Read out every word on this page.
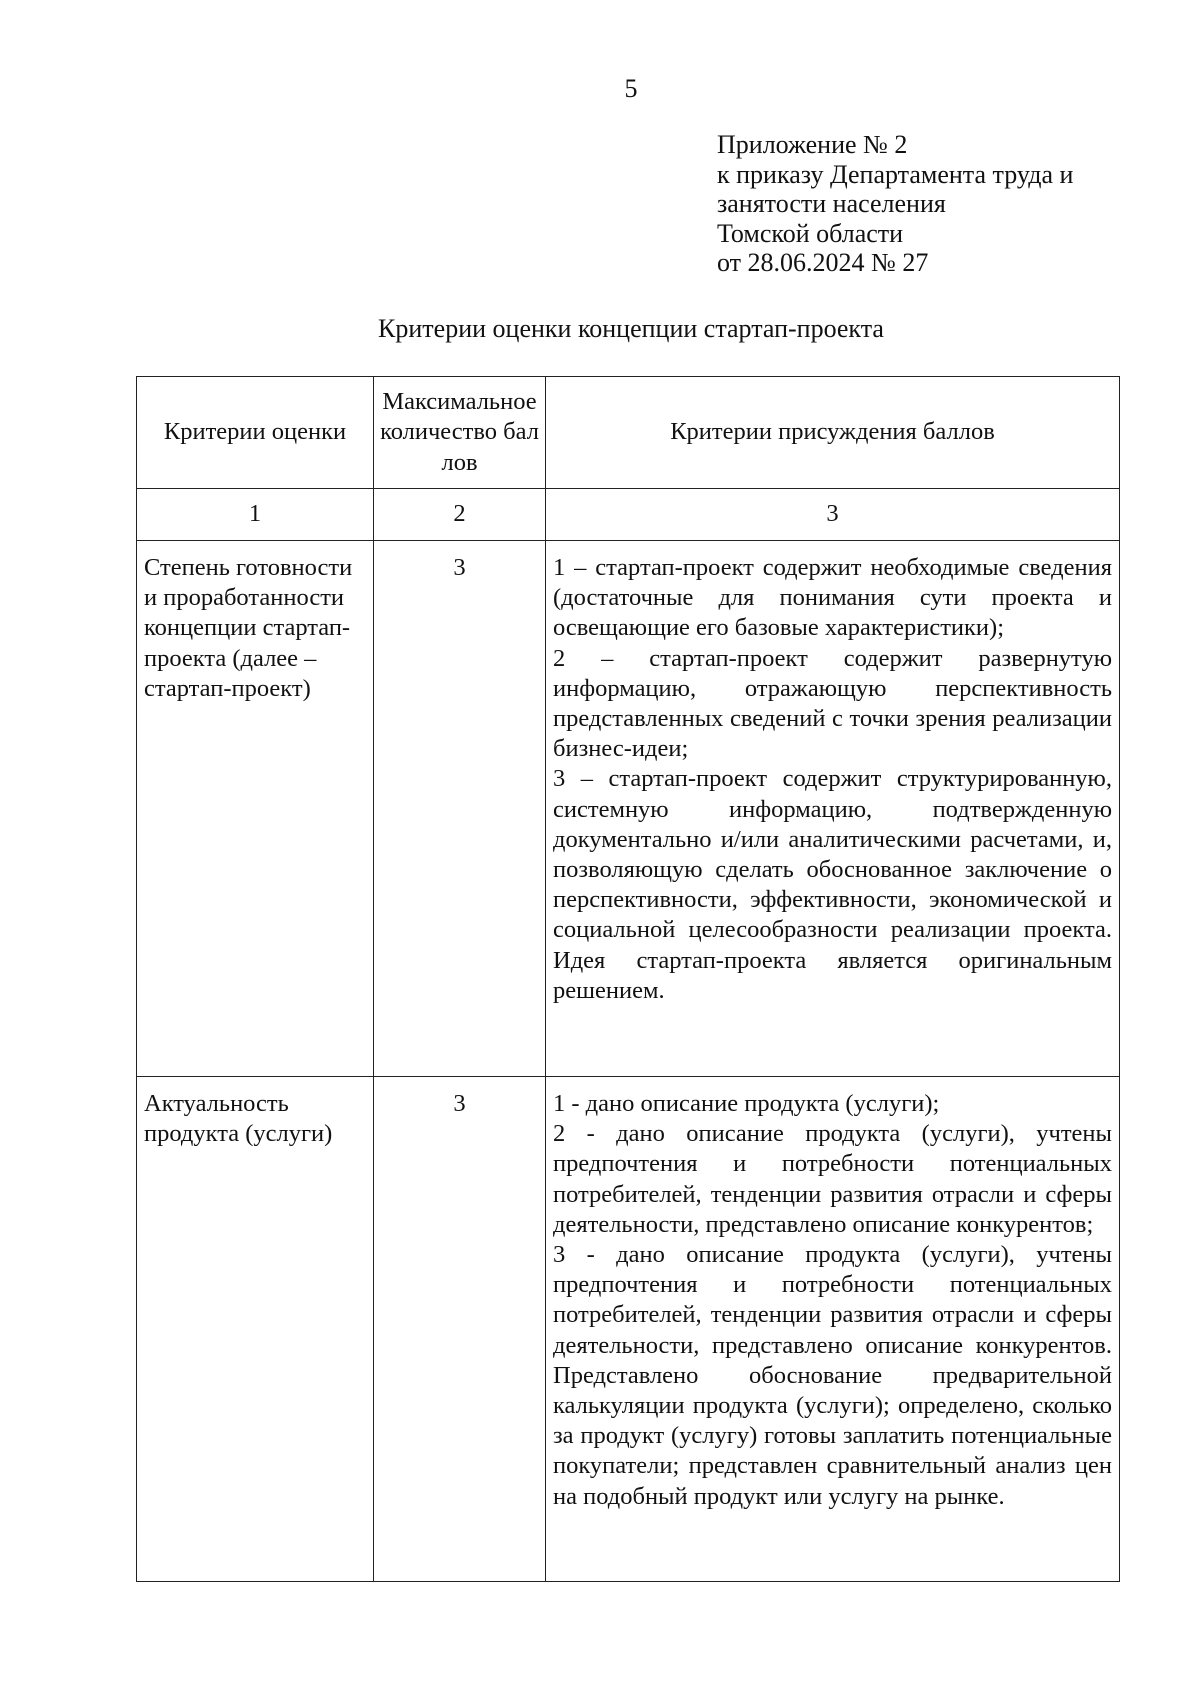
5
Приложение № 2
к приказу Департамента труда и
занятости населения
Томской области
от 28.06.2024 № 27
Критерии оценки концепции стартап-проекта
Критерии оценки	Максимальное количество баллов	Критерии присуждения баллов

1	2	3

Степень готовности и проработанности концепции стартап-проекта (далее – стартап-проект)	3	1 – стартап-проект содержит необходимые сведения (достаточные для понимания сути проекта и освещающие его базовые характеристики);

2 – стартап-проект содержит развернутую информацию, отражающую перспективность представленных сведений с точки зрения реализации бизнес-идеи;

3 – стартап-проект содержит структурированную, системную информацию, подтвержденную документально и/или аналитическими расчетами, и, позволяющую сделать обоснованное заключение о перспективности, эффективности, экономической и социальной целесообразности реализации проекта. Идея стартап-проекта является оригинальным решением.

Актуальность продукта (услуги)	3	1 - дано описание продукта (услуги);

2 - дано описание продукта (услуги), учтены предпочтения и потребности потенциальных потребителей, тенденции развития отрасли и сферы деятельности, представлено описание конкурентов;

3 - дано описание продукта (услуги), учтены предпочтения и потребности потенциальных потребителей, тенденции развития отрасли и сферы деятельности, представлено описание конкурентов. Представлено обоснование предварительной калькуляции продукта (услуги); определено, сколько за продукт (услугу) готовы заплатить потенциальные покупатели; представлен сравнительный анализ цен на подобный продукт или услугу на рынке.
